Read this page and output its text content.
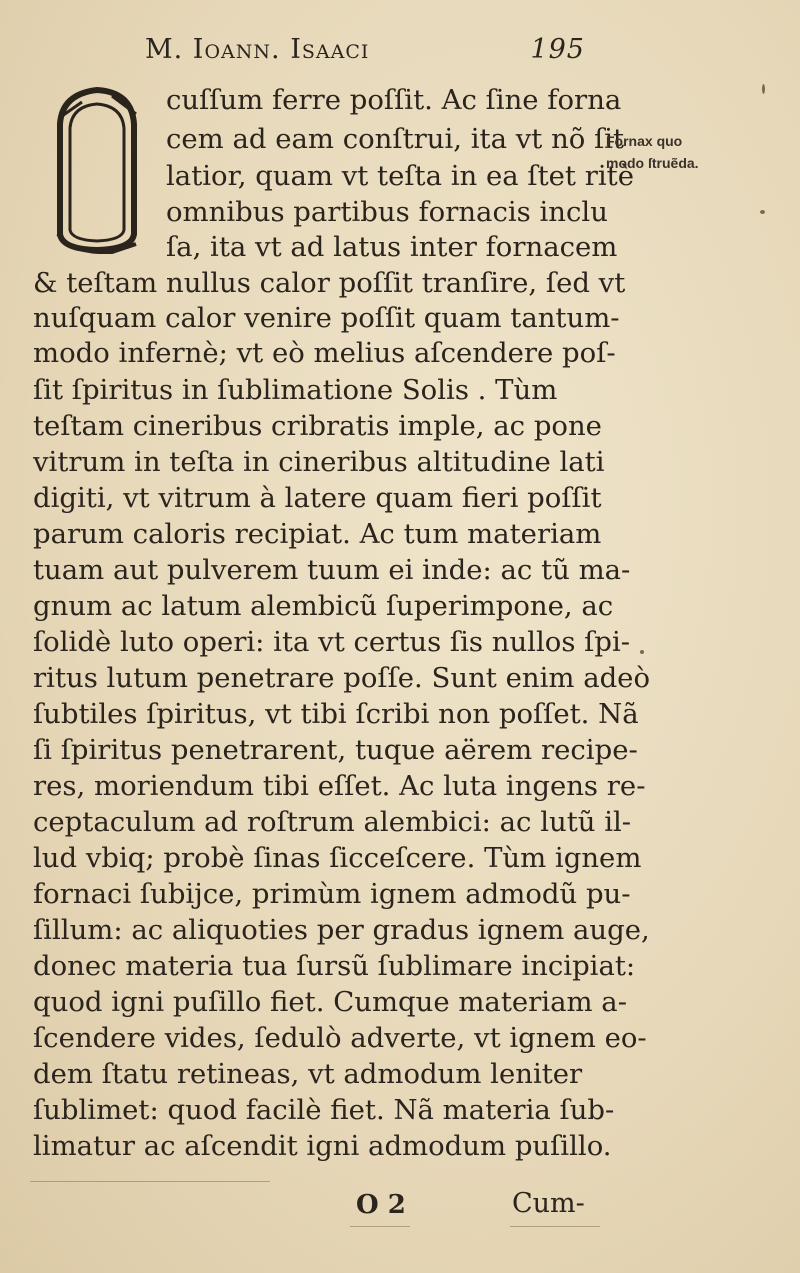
M. Ioann. Isaaci	195
cuſſum ferre poſſit. Ac ſine forna
cem ad eam conſtrui, ita vt nõ ſit
latior, quam vt teſta in ea ſtet ritè
omnibus partibus fornacis inclu
ſa, ita vt ad latus inter fornacem
& teſtam nullus calor poſſit tranſire, ſed vt
nuſquam calor venire poſſit quam tantum-
modo infernè; vt eò melius aſcendere poſ-
ſit ſpiritus in ſublimatione Solis . Tùm
teſtam cineribus cribratis imple, ac pone
vitrum in teſta in cineribus altitudine lati
digiti, vt vitrum à latere quam fieri poſſit
parum caloris recipiat. Ac tum materiam
tuam aut pulverem tuum ei inde: ac tũ ma-
gnum ac latum alembicũ ſuperimpone, ac
ſolidè luto operi: ita vt certus ſis nullos ſpi-
ritus lutum penetrare poſſe. Sunt enim adeò
ſubtiles ſpiritus, vt tibi ſcribi non poſſet. Nã
ſi ſpiritus penetrarent, tuque aërem recipe-
res, moriendum tibi eſſet. Ac luta ingens re-
ceptaculum ad roſtrum alembici: ac lutũ il-
lud vbiq; probè ſinas ſicceſcere. Tùm ignem
fornaci ſubijce, primùm ignem admodũ pu-
ſillum: ac aliquoties per gradus ignem auge,
donec materia tua ſursũ ſublimare incipiat:
quod igni puſillo fiet. Cumque materiam a-
ſcendere vides, ſedulò adverte, vt ignem eo-
dem ſtatu retineas, vt admodum leniter
ſublimet: quod facilè fiet. Nã materia ſub-
limatur ac aſcendit igni admodum puſillo.
Fornax quo
modo ſtruẽda.
O 2	Cum-
